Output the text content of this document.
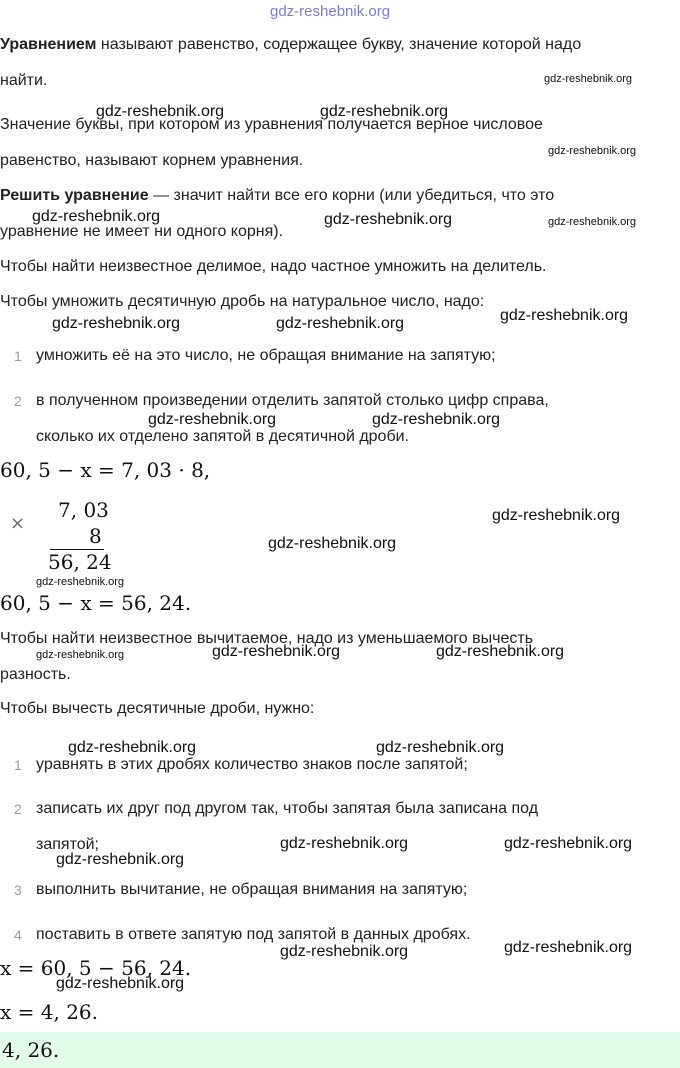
gdz-reshebnik.org
Уравнением называют равенство, содержащее букву, значение которой надо
найти.
Значение буквы, при котором из уравнения получается верное числовое
равенство, называют корнем уравнения.
Решить уравнение — значит найти все его корни (или убедиться, что это
уравнение не имеет ни одного корня).
Чтобы найти неизвестное делимое, надо частное умножить на делитель.
Чтобы умножить десятичную дробь на натуральное число, надо:
1 умножить её на это число, не обращая внимание на запятую;
2 в полученном произведении отделить запятой столько цифр справа,
сколько их отделено запятой в десятичной дроби.
60, 5 − x = 7, 03 · 8,
×
7, 03
8
56, 24
60, 5 − x = 56, 24.
Чтобы найти неизвестное вычитаемое, надо из уменьшаемого вычесть
разность.
Чтобы вычесть десятичные дроби, нужно:
1 уравнять в этих дробях количество знаков после запятой;
2 записать их друг под другом так, чтобы запятая была записана под
запятой;
3 выполнить вычитание, не обращая внимания на запятую;
4 поставить в ответе запятую под запятой в данных дробях.
x = 60, 5 − 56, 24.
x = 4, 26.
4, 26.
gdz-reshebnik.org	gdz-reshebnik.org
gdz-reshebnik.org	gdz-reshebnik.org
gdz-reshebnik.org	gdz-reshebnik.org	gdz-reshebnik.org
gdz-reshebnik.org	gdz-reshebnik.org
gdz-reshebnik.org
gdz-reshebnik.org
gdz-reshebnik.org	gdz-reshebnik.org
gdz-reshebnik.org	gdz-reshebnik.org
gdz-reshebnik.org
gdz-reshebnik.org	gdz-reshebnik.org
gdz-reshebnik.org	gdz-reshebnik.org
gdz-reshebnik.org
gdz-reshebnik.org
gdz-reshebnik.org
gdz-reshebnik.org
gdz-reshebnik.org
gdz-reshebnik.org
